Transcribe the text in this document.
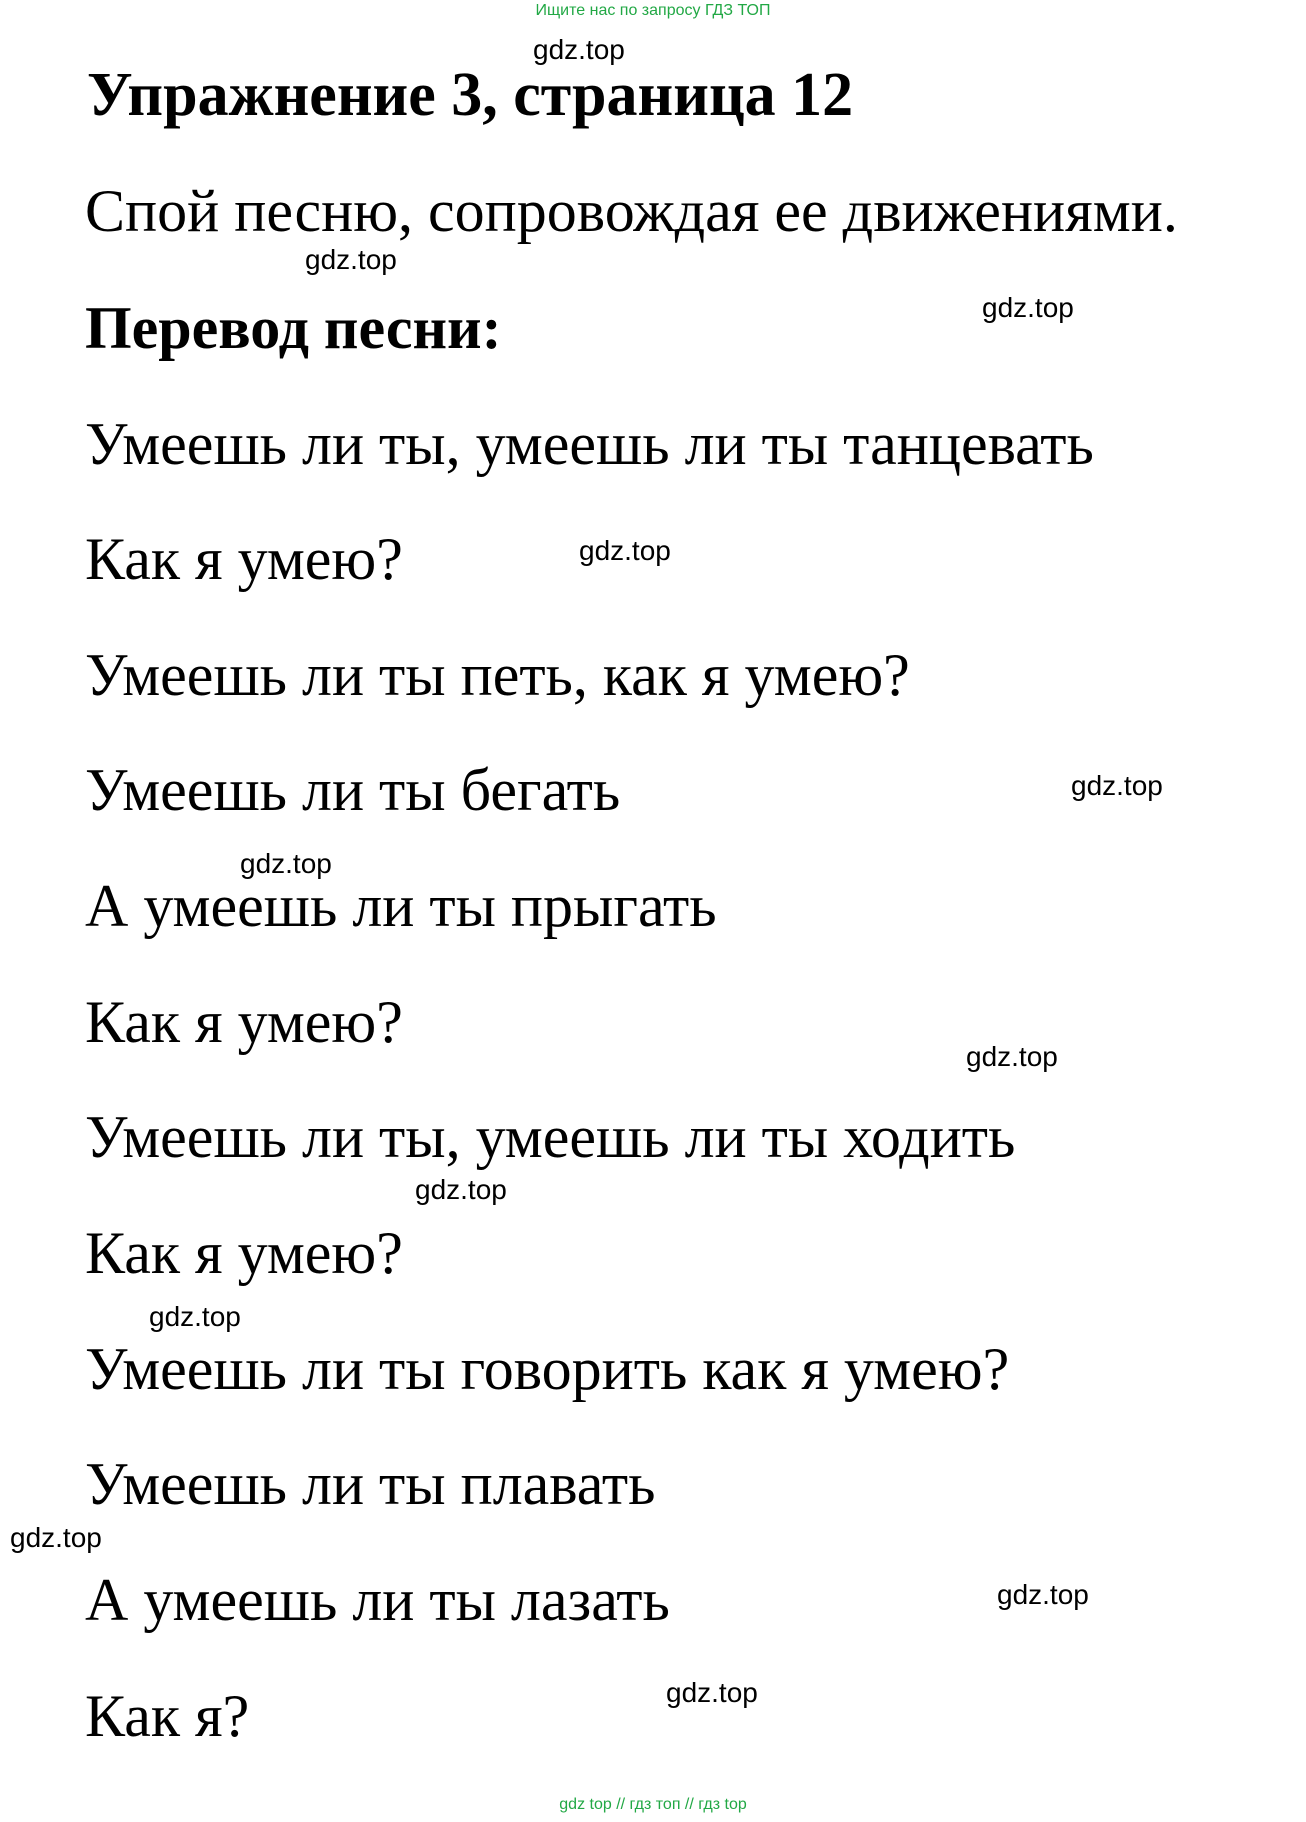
Ищите нас по запросу ГДЗ ТОП
Упражнение 3, страница 12
Спой песню, сопровождая ее движениями.
Перевод песни:
Умеешь ли ты, умеешь ли ты танцевать
Как я умею?
Умеешь ли ты петь, как я умею?
Умеешь ли ты бегать
А умеешь ли ты прыгать
Как я умею?
Умеешь ли ты, умеешь ли ты ходить
Как я умею?
Умеешь ли ты говорить как я умею?
Умеешь ли ты плавать
А умеешь ли ты лазать
Как я?
gdz.top
gdz.top
gdz.top
gdz.top
gdz.top
gdz.top
gdz.top
gdz.top
gdz.top
gdz.top
gdz.top
gdz.top
gdz top // гдз топ // гдз top
